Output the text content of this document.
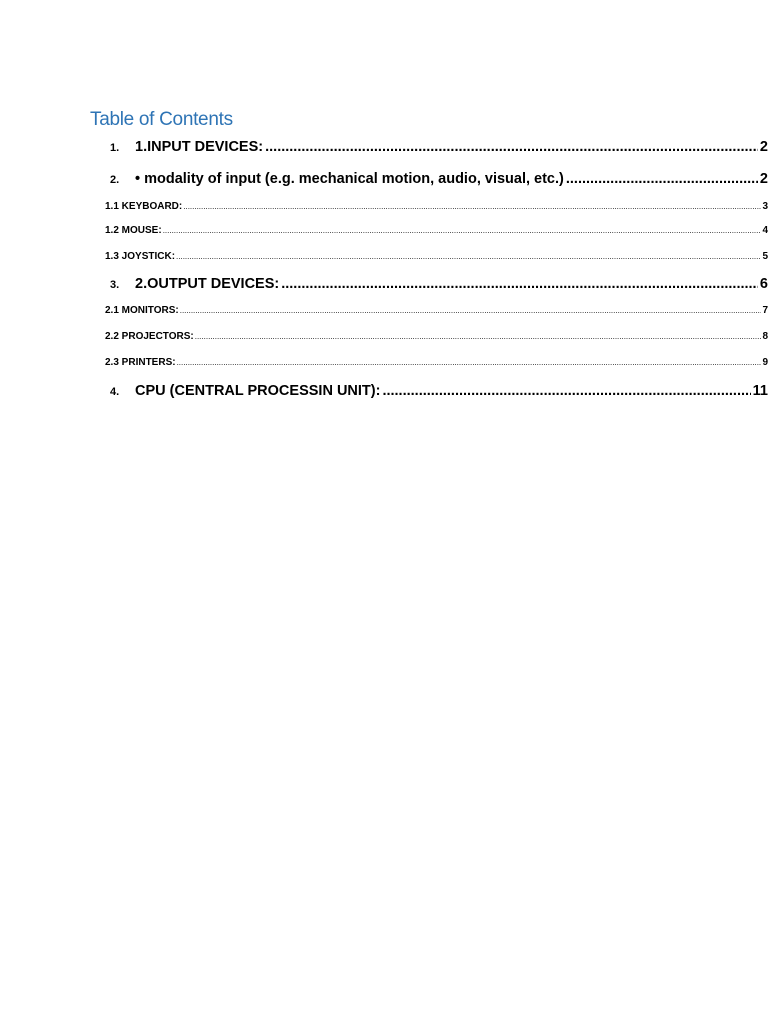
Table of Contents
1.	1.INPUT DEVICES: .....	2
2.	• modality of input (e.g. mechanical motion, audio, visual, etc.) .....	2
1.1 KEYBOARD: .....	3
1.2 MOUSE: .....	4
1.3 JOYSTICK: .....	5
3.	2.OUTPUT DEVICES: .....	6
2.1 MONITORS: .....	7
2.2 PROJECTORS: .....	8
2.3 PRINTERS: .....	9
4.	CPU (CENTRAL PROCESSIN UNIT): .....	11
